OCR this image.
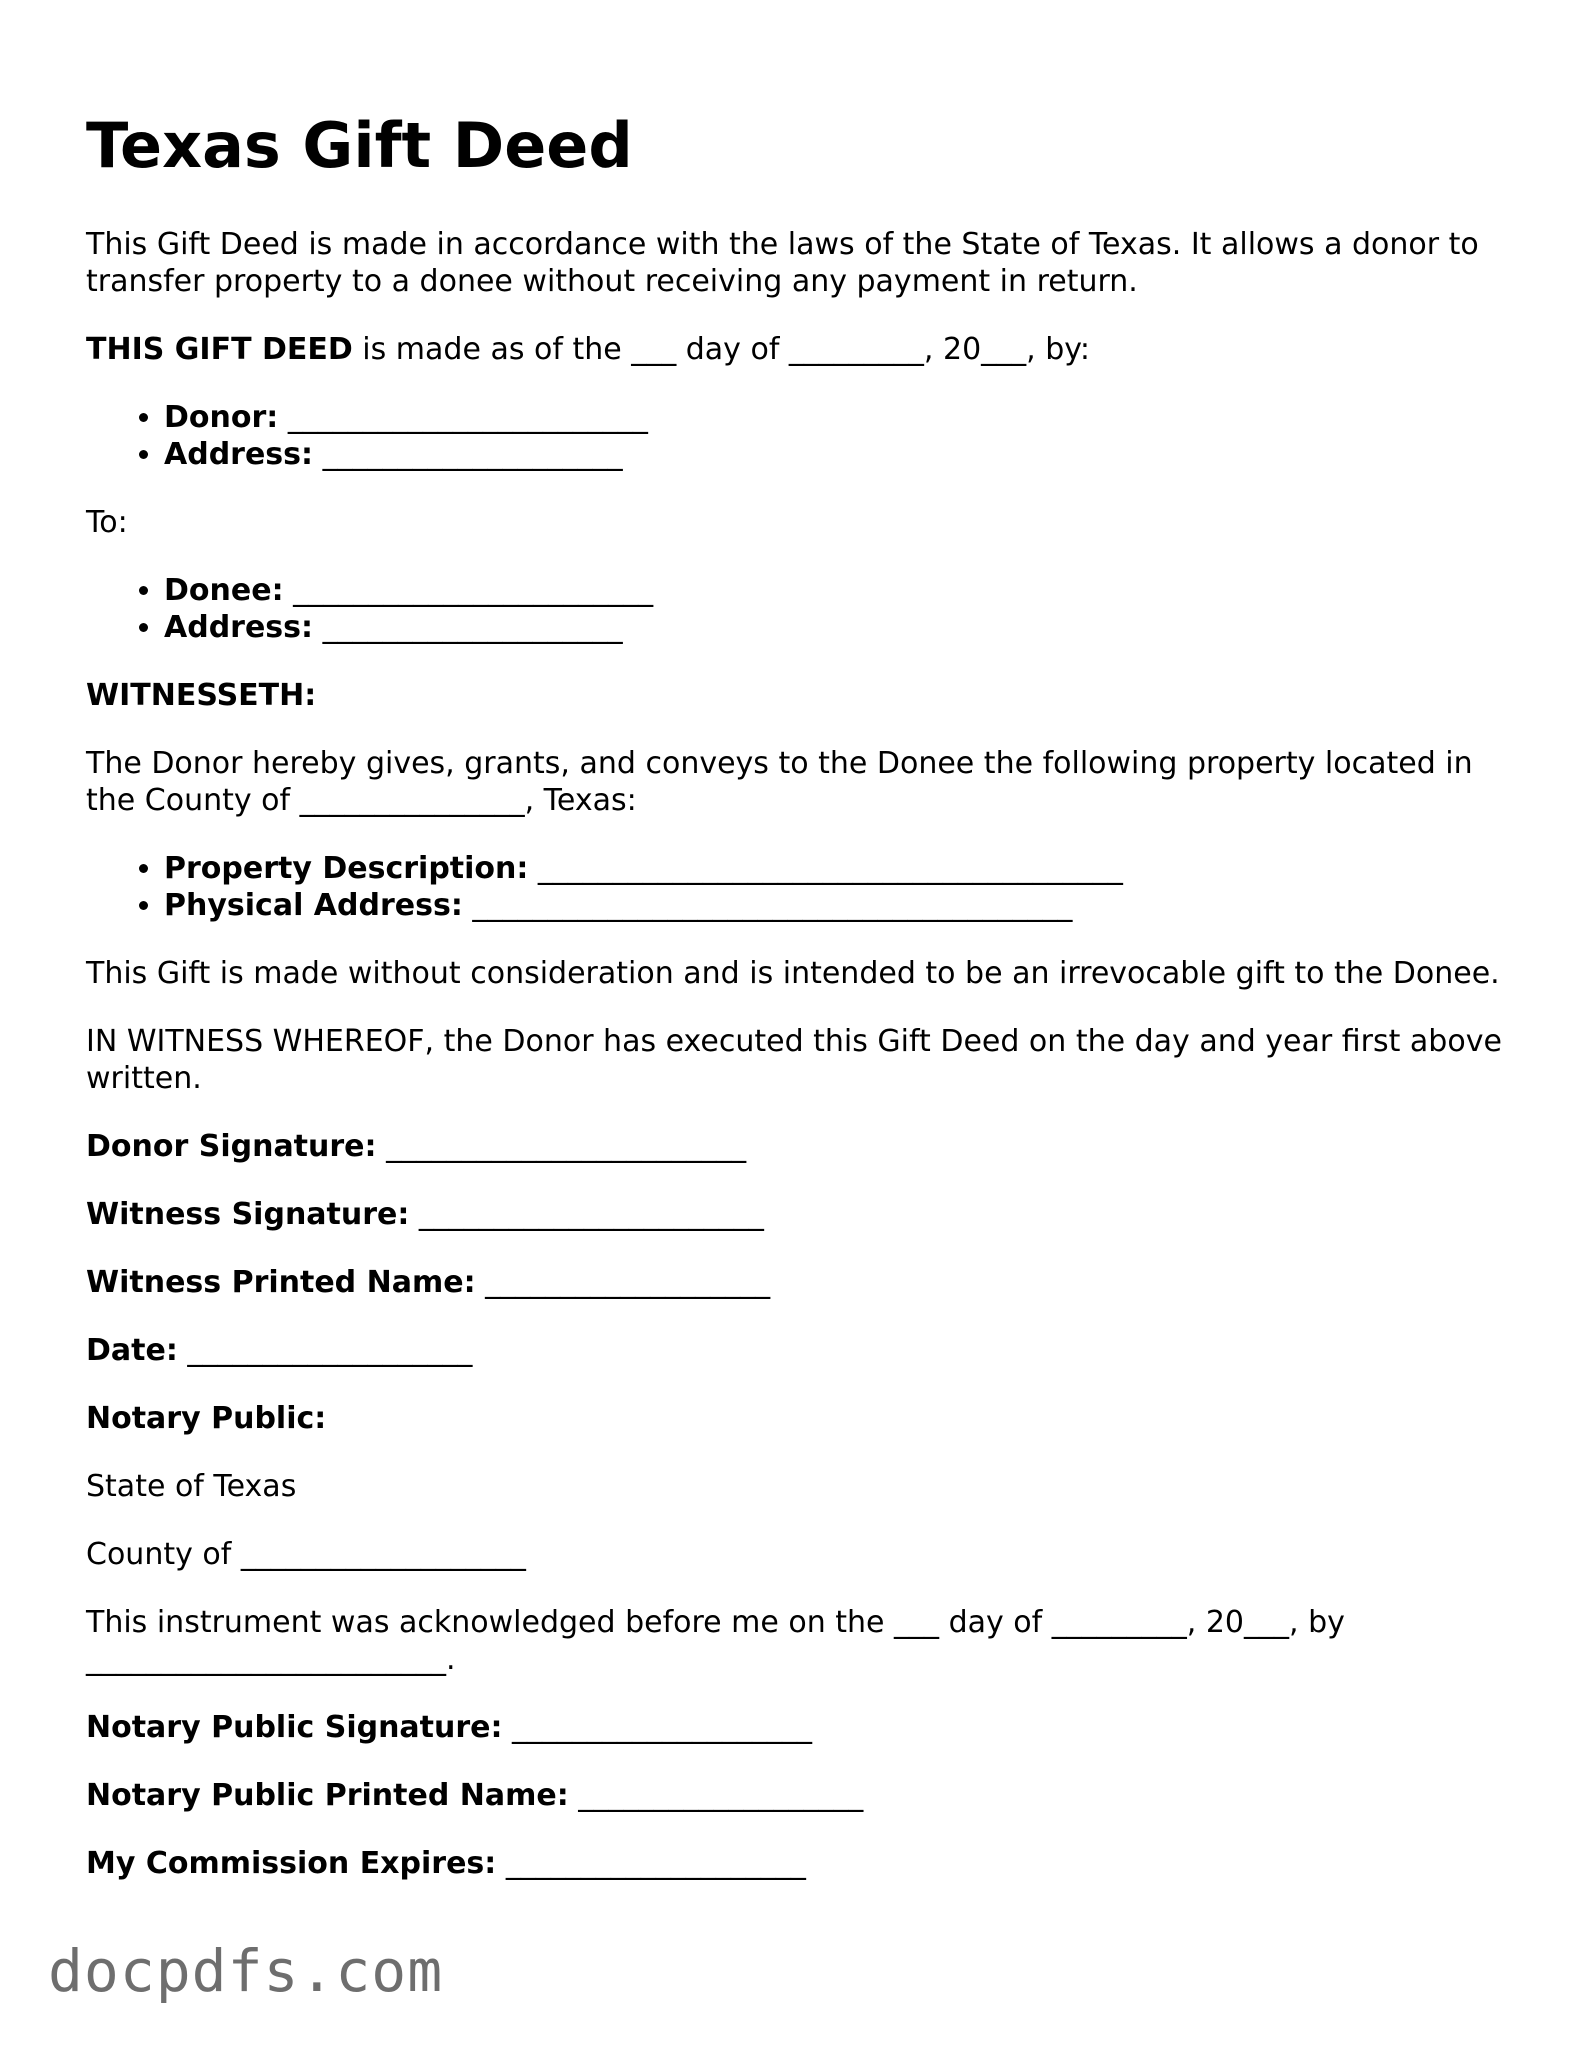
Texas Gift Deed

This Gift Deed is made in accordance with the laws of the State of Texas. It allows a donor to transfer property to a donee without receiving any payment in return.

THIS GIFT DEED is made as of the ___ day of _________, 20___, by:

• Donor: ________________________
• Address: ____________________

To:

• Donee: ________________________
• Address: ____________________

WITNESSETH:

The Donor hereby gives, grants, and conveys to the Donee the following property located in the County of _______________, Texas:

• Property Description: _______________________________________
• Physical Address: ________________________________________

This Gift is made without consideration and is intended to be an irrevocable gift to the Donee.

IN WITNESS WHEREOF, the Donor has executed this Gift Deed on the day and year first above written.

Donor Signature: ________________________

Witness Signature: _______________________

Witness Printed Name: ___________________

Date: ___________________

Notary Public:

State of Texas

County of ___________________

This instrument was acknowledged before me on the ___ day of _________, 20___, by ________________________.

Notary Public Signature: ____________________

Notary Public Printed Name: ___________________

My Commission Expires: ____________________

docpdfs.com
